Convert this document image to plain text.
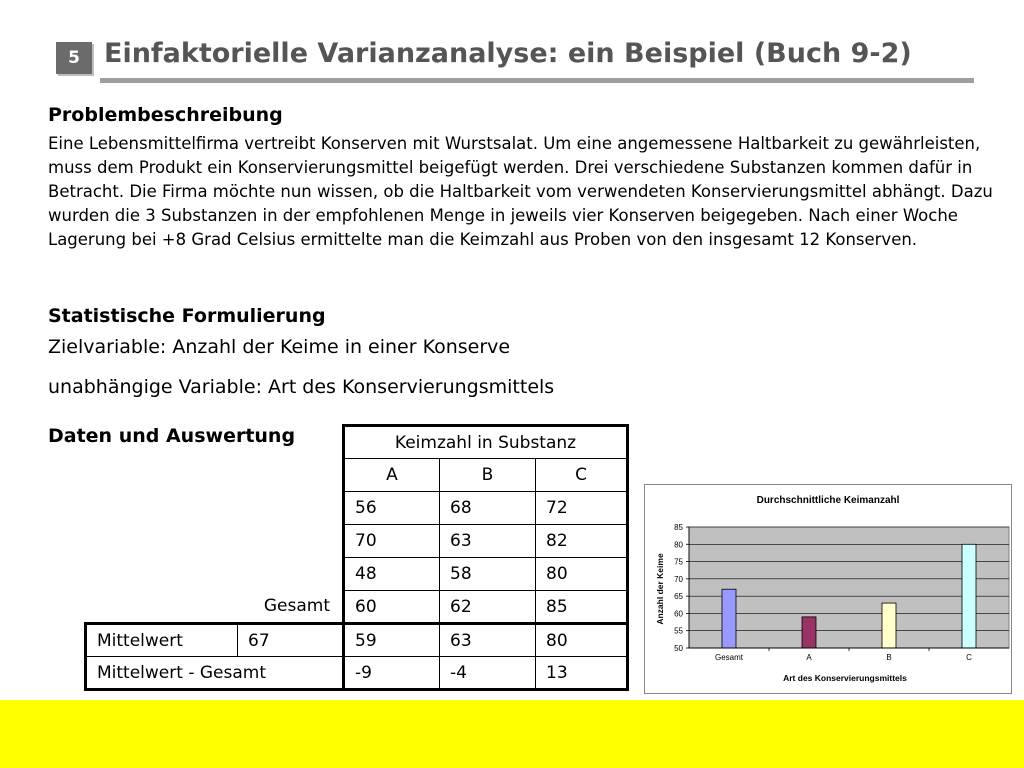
5 Einfaktorielle Varianzanalyse: ein Beispiel (Buch 9-2)
Problembeschreibung

Eine Lebensmittelfirma vertreibt Konserven mit Wurstsalat. Um eine angemessene Haltbarkeit zu gewährleisten, muss dem Produkt ein Konservierungsmittel beigefügt werden. Drei verschiedene Substanzen kommen dafür in Betracht. Die Firma möchte nun wissen, ob die Haltbarkeit vom verwendeten Konservierungsmittel abhängt. Dazu wurden die 3 Substanzen in der empfohlenen Menge in jeweils vier Konserven beigegeben. Nach einer Woche Lagerung bei +8 Grad Celsius ermittelte man die Keimzahl aus Proben von den insgesamt 12 Konserven.

Statistische Formulierung

Zielvariable: Anzahl der Keime in einer Konserve

unabhängige Variable: Art des Konservierungsmittels

Daten und Auswertung
		Keimzahl in Substanz		
		A	B	C
		56	68	72
		70	63	82
		48	58	80
Gesamt		60	62	85
Mittelwert	67	59	63	80
Mittelwert - Gesamt		-9	-4	13
Durchschnittliche Keimanzahl
50
55
60
65
70
75
80
85
Gesamt	A	B	C
Art des Konservierungsmittels
Anzahl der Keime
